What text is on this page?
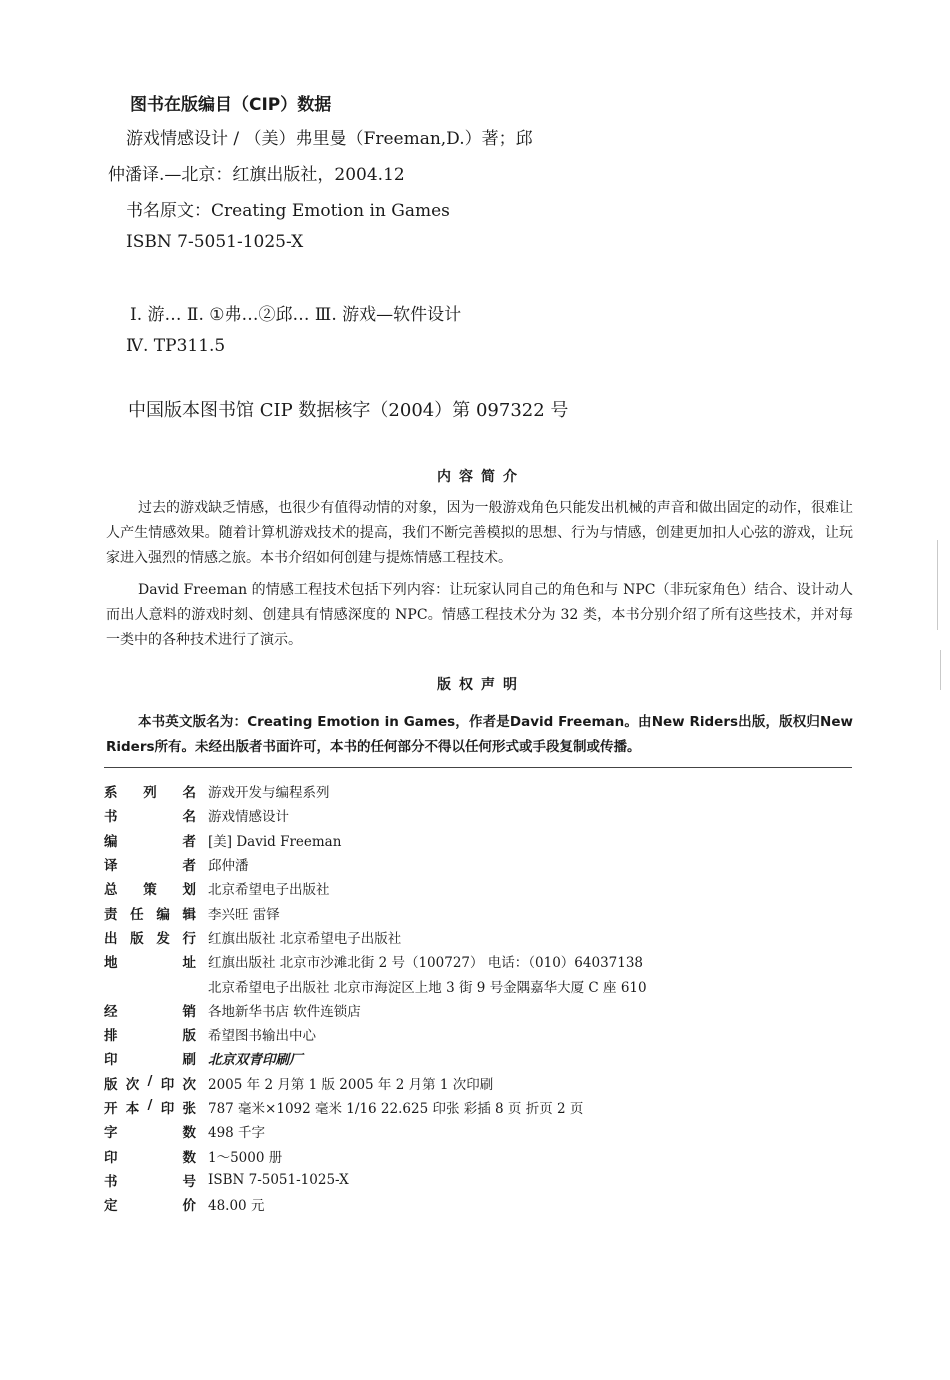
图书在版编目（CIP）数据
游戏情感设计 / （美）弗里曼（Freeman,D.）著；邱
仲潘译.—北京：红旗出版社，2004.12
书名原文：Creating Emotion in Games
ISBN 7-5051-1025-X
Ⅰ. 游… Ⅱ. ①弗…②邱… Ⅲ. 游戏—软件设计
Ⅳ. TP311.5
中国版本图书馆 CIP 数据核字（2004）第 097322 号
内容简介
过去的游戏缺乏情感，也很少有值得动情的对象，因为一般游戏角色只能发出机械的声音和做出固定的动作，很难让人产生情感效果。随着计算机游戏技术的提高，我们不断完善模拟的思想、行为与情感，创建更加扣人心弦的游戏，让玩家进入强烈的情感之旅。本书介绍如何创建与提炼情感工程技术。
David Freeman 的情感工程技术包括下列内容：让玩家认同自己的角色和与 NPC（非玩家角色）结合、设计动人而出人意料的游戏时刻、创建具有情感深度的 NPC。情感工程技术分为 32 类，本书分别介绍了所有这些技术，并对每一类中的各种技术进行了演示。
版权声明
本书英文版名为：Creating Emotion in Games，作者是David Freeman。由New Riders出版，版权归New Riders所有。未经出版者书面许可，本书的任何部分不得以任何形式或手段复制或传播。
系 列 名 游戏开发与编程系列
书	名 游戏情感设计
编	者 [美] David Freeman
译	者 邱仲潘
总 策 划 北京希望电子出版社
责 任 编 辑 李兴旺 雷铎
出 版 发 行 红旗出版社 北京希望电子出版社
地	址 红旗出版社 北京市沙滩北街 2 号（100727） 电话：（010）64037138
北京希望电子出版社 北京市海淀区上地 3 街 9 号金隅嘉华大厦 C 座 610
经	销 各地新华书店 软件连锁店
排	版 希望图书输出中心
印	刷 北京双青印刷厂
版 次 / 印 次 2005 年 2 月第 1 版 2005 年 2 月第 1 次印刷
开 本 / 印 张 787 毫米×1092 毫米 1/16 22.625 印张 彩插 8 页 折页 2 页
字	数 498 千字
印	数 1～5000 册
书	号 ISBN 7-5051-1025-X
定	价 48.00 元
